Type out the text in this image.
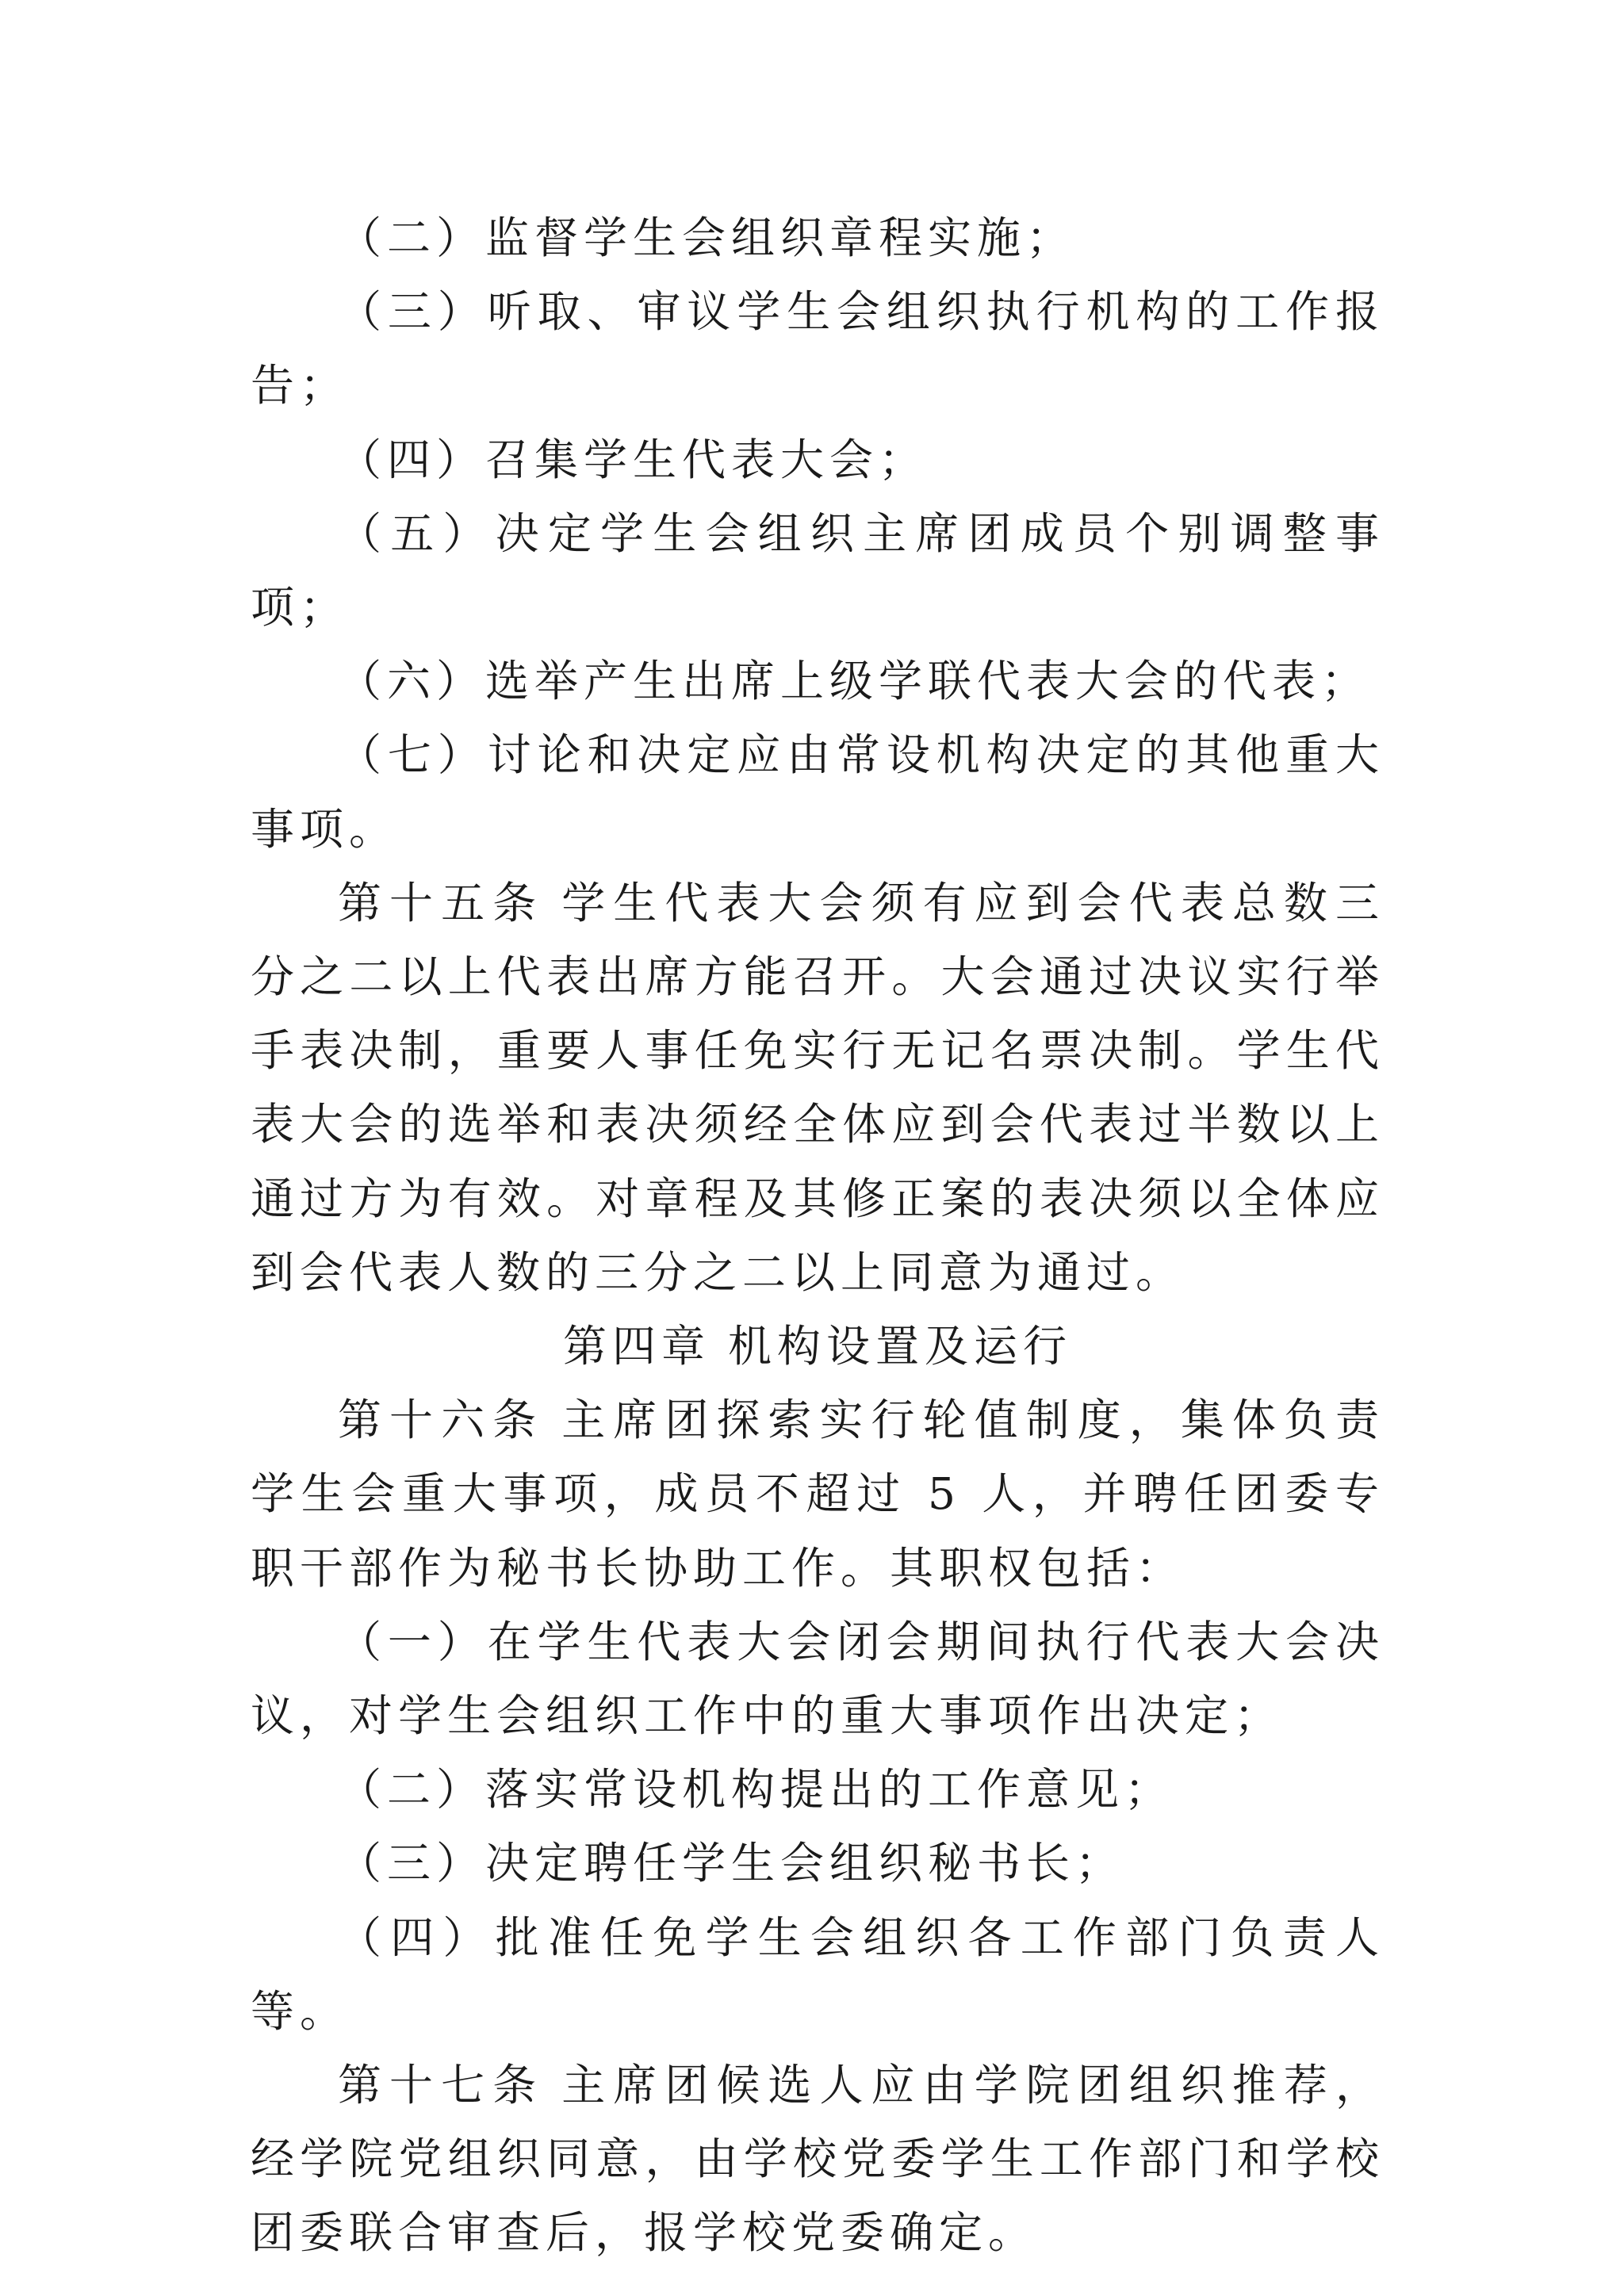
（二）监督学生会组织章程实施；

（三）听取、审议学生会组织执行机构的工作报告；

（四）召集学生代表大会；

（五）决定学生会组织主席团成员个别调整事项；

（六）选举产生出席上级学联代表大会的代表；

（七）讨论和决定应由常设机构决定的其他重大事项。

第十五条 学生代表大会须有应到会代表总数三分之二以上代表出席方能召开。大会通过决议实行举手表决制，重要人事任免实行无记名票决制。学生代表大会的选举和表决须经全体应到会代表过半数以上通过方为有效。对章程及其修正案的表决须以全体应到会代表人数的三分之二以上同意为通过。

第四章 机构设置及运行

第十六条 主席团探索实行轮值制度，集体负责学生会重大事项，成员不超过 5 人，并聘任团委专职干部作为秘书长协助工作。其职权包括：

（一）在学生代表大会闭会期间执行代表大会决议，对学生会组织工作中的重大事项作出决定；

（二）落实常设机构提出的工作意见；

（三）决定聘任学生会组织秘书长；

（四）批准任免学生会组织各工作部门负责人等。

第十七条 主席团候选人应由学院团组织推荐，经学院党组织同意，由学校党委学生工作部门和学校团委联合审查后，报学校党委确定。
